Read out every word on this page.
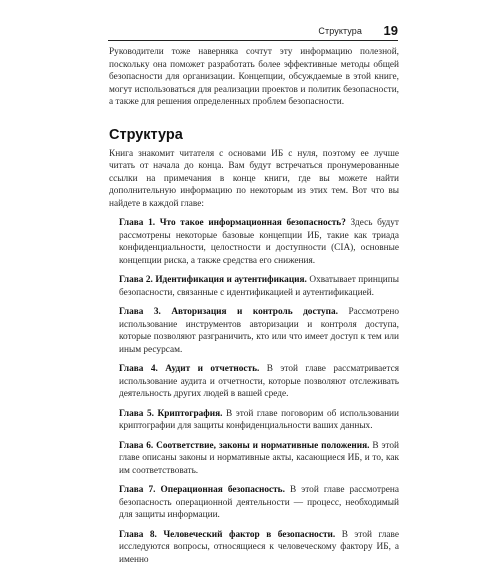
Структура 19

Руководители тоже наверняка сочтут эту информацию полезной, поскольку она поможет разработать более эффективные методы общей безопасности для организации. Концепции, обсуждаемые в этой книге, могут использоваться для реализации проектов и политик безопасности, а также для решения определенных проблем безопасности.

Структура

Книга знакомит читателя с основами ИБ с нуля, поэтому ее лучше читать от начала до конца. Вам будут встречаться пронумерованные ссылки на примечания в конце книги, где вы можете найти дополнительную информацию по некоторым из этих тем. Вот что вы найдете в каждой главе:

Глава 1. Что такое информационная безопасность? Здесь будут рассмотрены некоторые базовые концепции ИБ, такие как триада конфиденциальности, целостности и доступности (CIA), основные концепции риска, а также средства его снижения.

Глава 2. Идентификация и аутентификация. Охватывает принципы безопасности, связанные с идентификацией и аутентификацией.

Глава 3. Авторизация и контроль доступа. Рассмотрено использование инструментов авторизации и контроля доступа, которые позволяют разграничить, кто или что имеет доступ к тем или иным ресурсам.

Глава 4. Аудит и отчетность. В этой главе рассматривается использование аудита и отчетности, которые позволяют отслеживать деятельность других людей в вашей среде.

Глава 5. Криптография. В этой главе поговорим об использовании криптографии для защиты конфиденциальности ваших данных.

Глава 6. Соответствие, законы и нормативные положения. В этой главе описаны законы и нормативные акты, касающиеся ИБ, и то, как им соответствовать.

Глава 7. Операционная безопасность. В этой главе рассмотрена безопасность операционной деятельности — процесс, необходимый для защиты информации.

Глава 8. Человеческий фактор в безопасности. В этой главе исследуются вопросы, относящиеся к человеческому фактору ИБ, а именно
